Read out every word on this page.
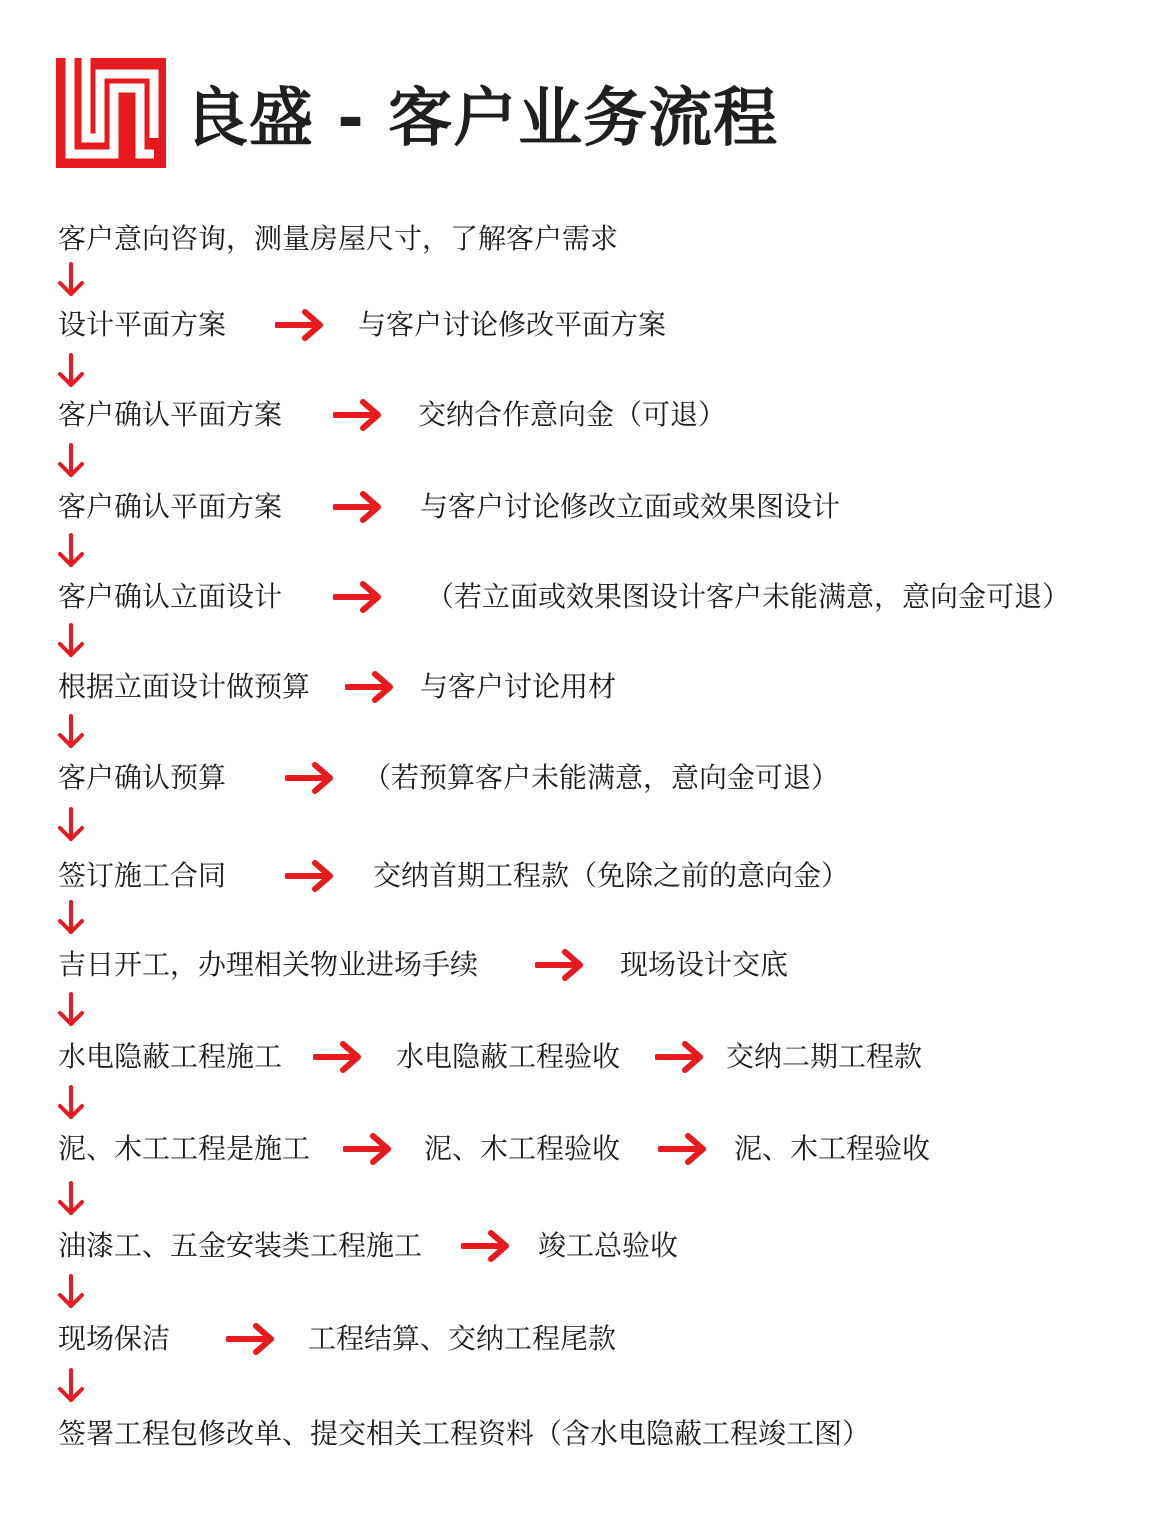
良盛 - 客户业务流程
客户意向咨询，测量房屋尺寸，了解客户需求
设计平面方案	与客户讨论修改平面方案
客户确认平面方案	交纳合作意向金（可退）
客户确认平面方案	与客户讨论修改立面或效果图设计
客户确认立面设计	（若立面或效果图设计客户未能满意，意向金可退）
根据立面设计做预算	与客户讨论用材
客户确认预算	（若预算客户未能满意，意向金可退）
签订施工合同	交纳首期工程款（免除之前的意向金）
吉日开工，办理相关物业进场手续	现场设计交底
水电隐蔽工程施工	水电隐蔽工程验收	交纳二期工程款
泥、木工工程是施工	泥、木工程验收	泥、木工程验收
油漆工、五金安装类工程施工	竣工总验收
现场保洁	工程结算、交纳工程尾款
签署工程包修改单、提交相关工程资料（含水电隐蔽工程竣工图）
